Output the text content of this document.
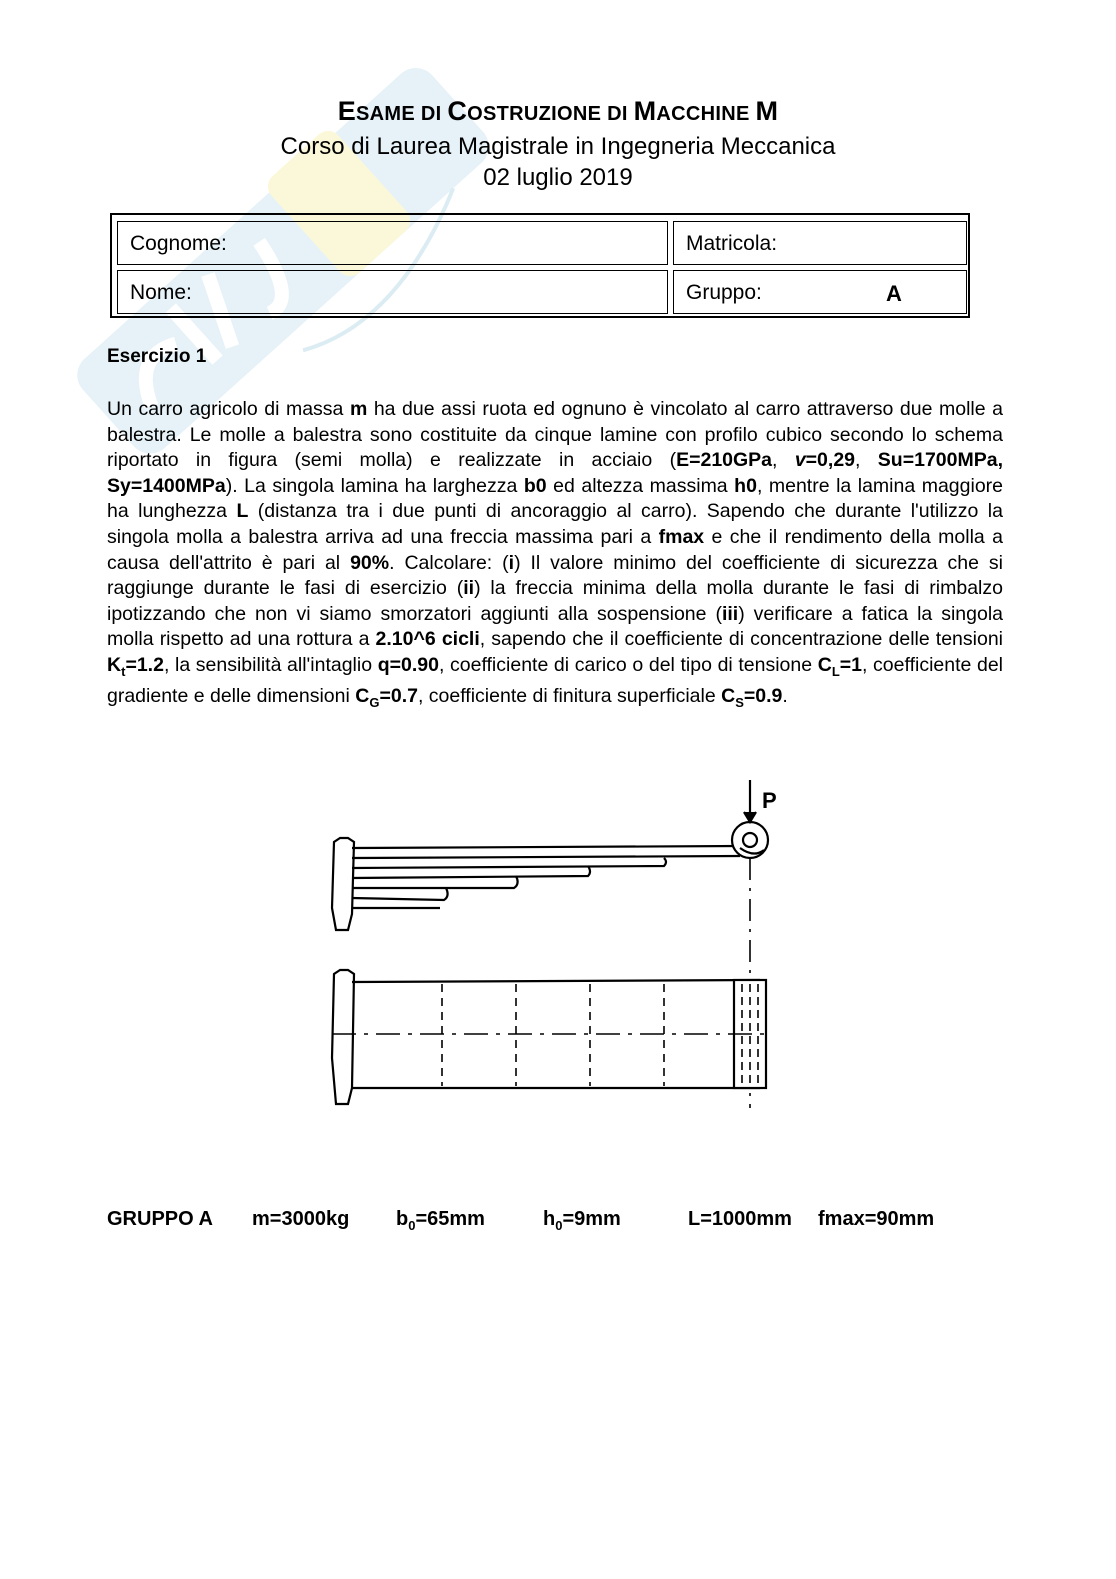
ESAME DI COSTRUZIONE DI MACCHINE M
Corso di Laurea Magistrale in Ingegneria Meccanica
02 luglio 2019
Cognome:	Matricola:
Nome:	Gruppo:	A
Esercizio 1
Un carro agricolo di massa m ha due assi ruota ed ognuno è vincolato al carro attraverso due molle a balestra. Le molle a balestra sono costituite da cinque lamine con profilo cubico secondo lo schema riportato in figura (semi molla) e realizzate in acciaio (E=210GPa, v=0,29, Su=1700MPa, Sy=1400MPa). La singola lamina ha larghezza b0 ed altezza massima h0, mentre la lamina maggiore ha lunghezza L (distanza tra i due punti di ancoraggio al carro). Sapendo che durante l'utilizzo la singola molla a balestra arriva ad una freccia massima pari a fmax e che il rendimento della molla a causa dell'attrito è pari al 90%. Calcolare: (i) Il valore minimo del coefficiente di sicurezza che si raggiunge durante le fasi di esercizio (ii) la freccia minima della molla durante le fasi di rimbalzo ipotizzando che non vi siamo smorzatori aggiunti alla sospensione (iii) verificare a fatica la singola molla rispetto ad una rottura a 2.10^6 cicli, sapendo che il coefficiente di concentrazione delle tensioni $K_t=1.2$, la sensibilità all'intaglio q=0.90, coefficiente di carico o del tipo di tensione $C_L=1$, coefficiente del gradiente e delle dimensioni $C_G=0.7$, coefficiente di finitura superficiale $C_S=0.9$.
P
GRUPPO A m=3000kg $b_0=65mm$	$h_0=9mm$	L=1000mm fmax=90mm
